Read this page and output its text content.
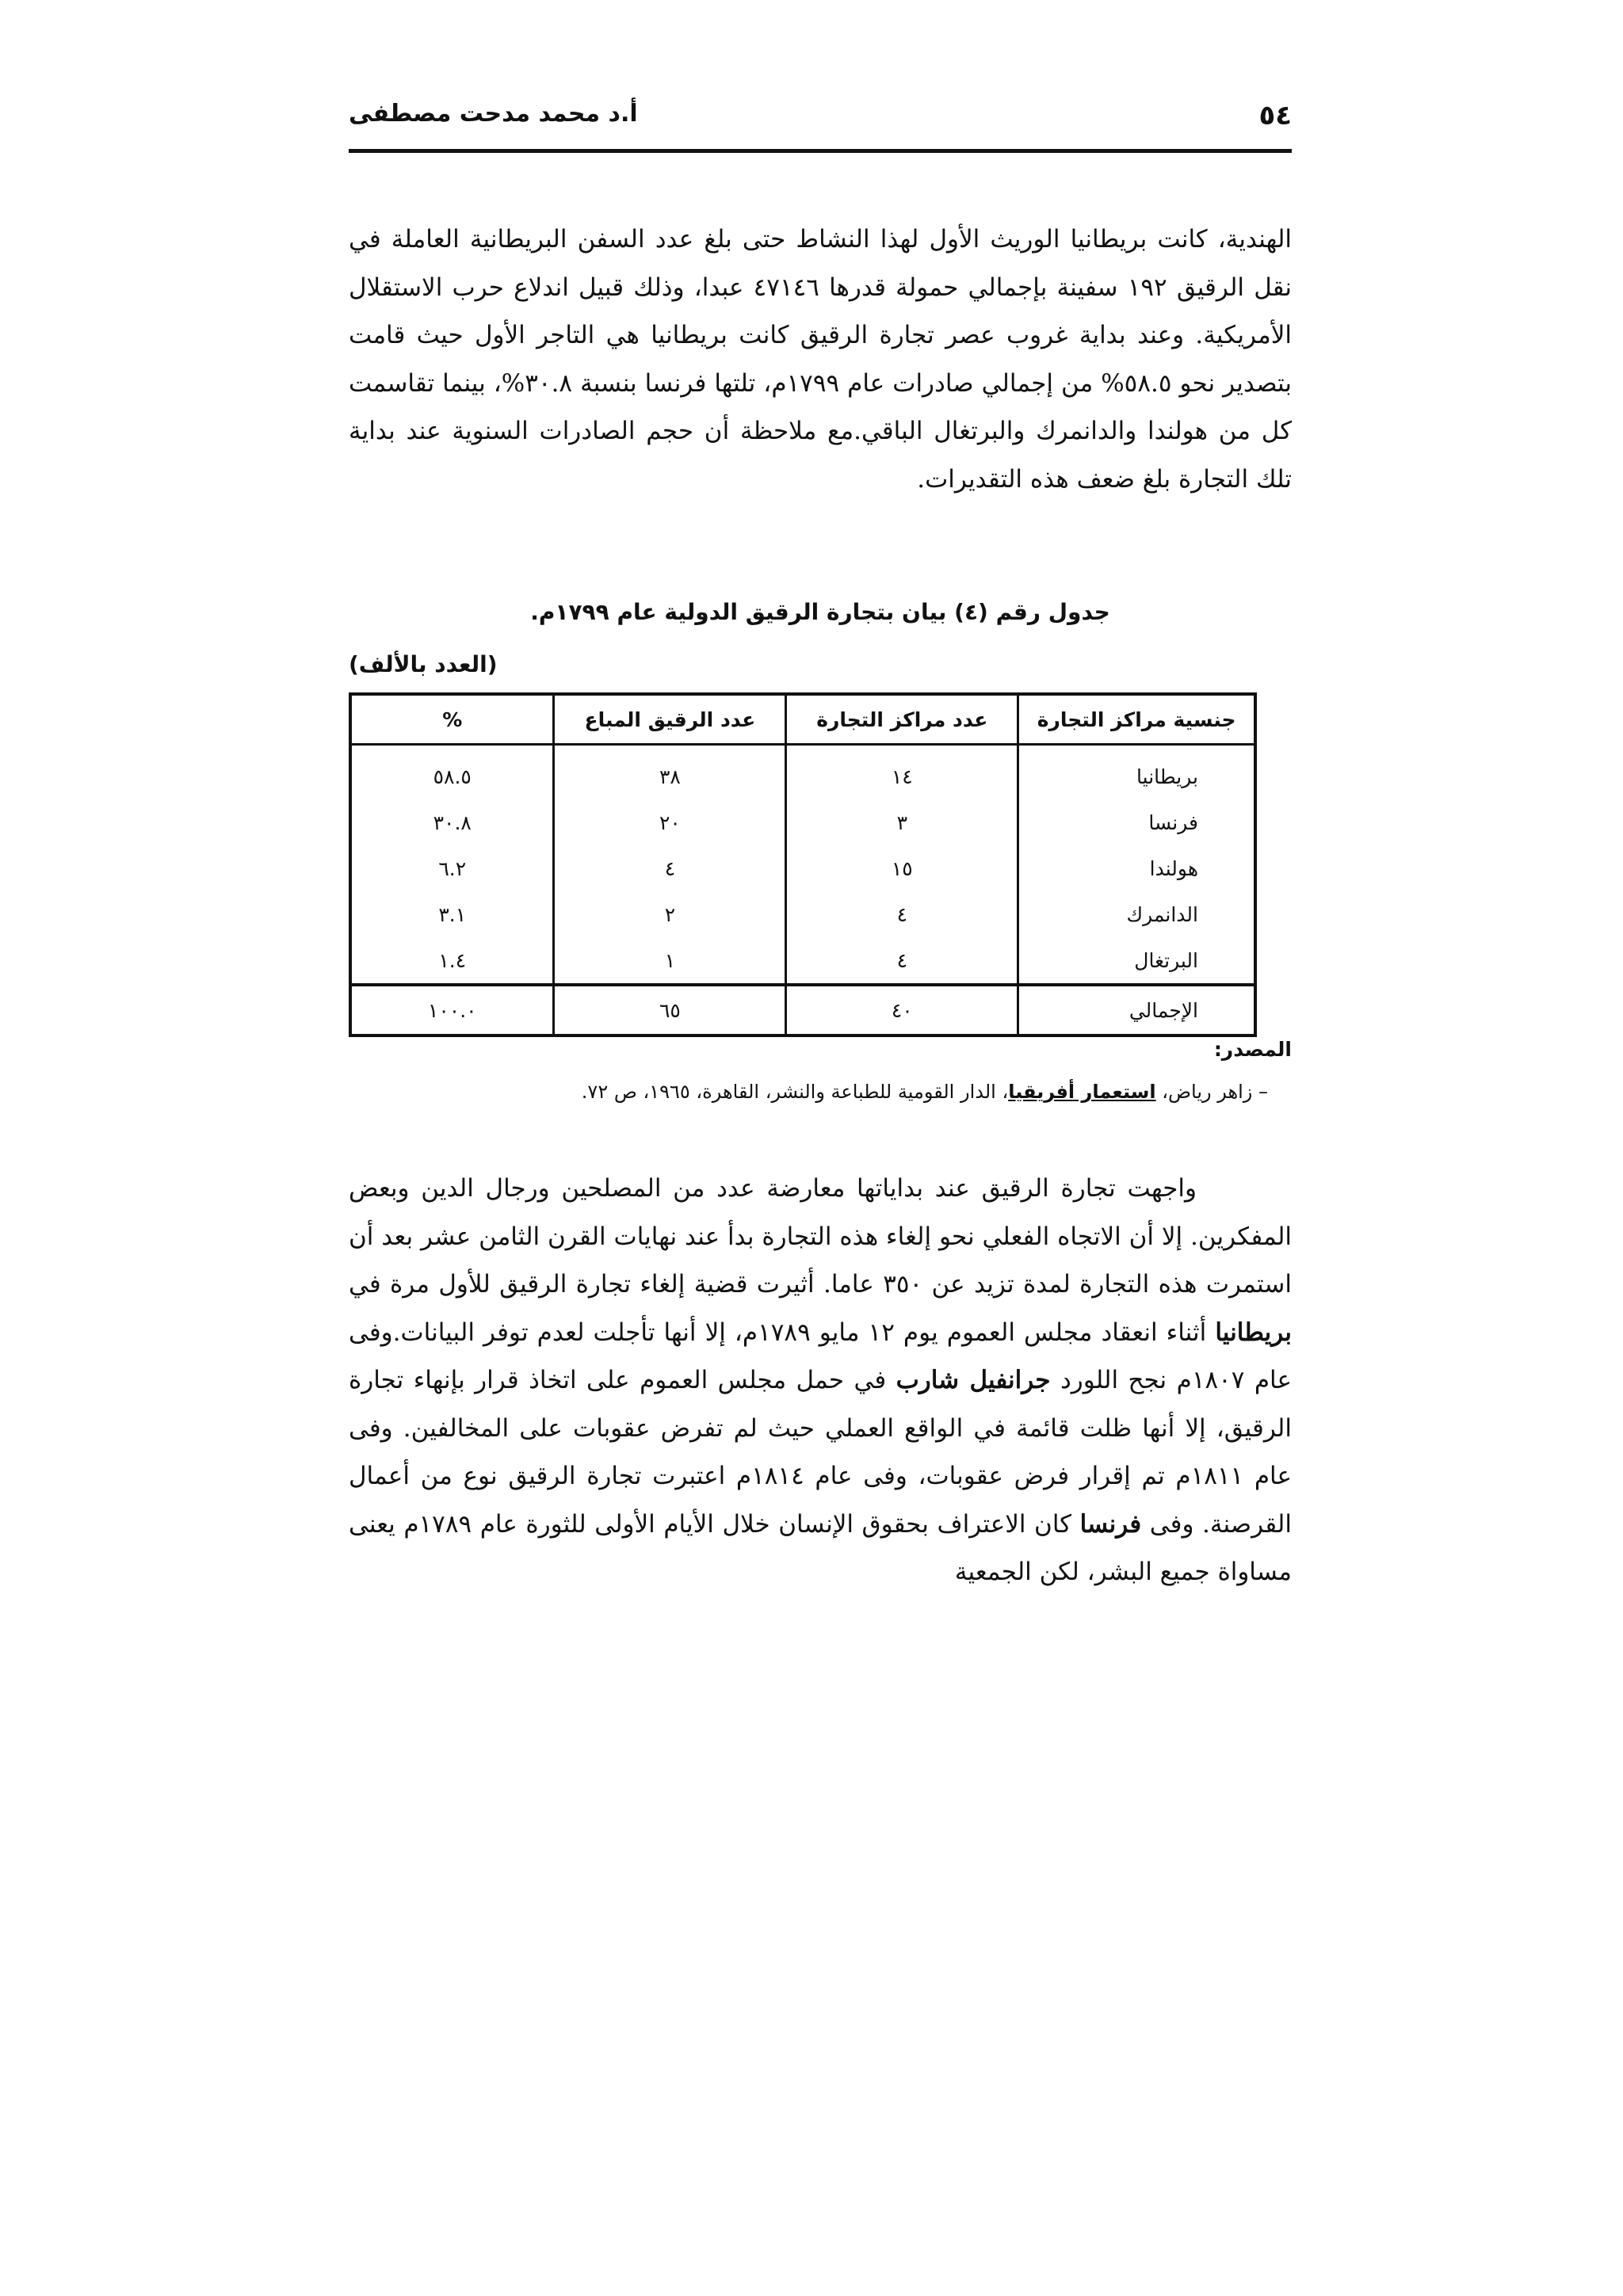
٥٤
أ.د محمد مدحت مصطفى

الهندية، كانت بريطانيا الوريث الأول لهذا النشاط حتى بلغ عدد السفن البريطانية العاملة في نقل الرقيق ١٩٢ سفينة بإجمالي حمولة قدرها ٤٧١٤٦ عبدا، وذلك قبيل اندلاع حرب الاستقلال الأمريكية. وعند بداية غروب عصر تجارة الرقيق كانت بريطانيا هي التاجر الأول حيث قامت بتصدير نحو ٥٨.٥% من إجمالي صادرات عام ١٧٩٩م، تلتها فرنسا بنسبة ٣٠.٨%، بينما تقاسمت كل من هولندا والدانمرك والبرتغال الباقي.مع ملاحظة أن حجم الصادرات السنوية عند بداية تلك التجارة بلغ ضعف هذه التقديرات.

جدول رقم (٤) بيان بتجارة الرقيق الدولية عام ١٧٩٩م.
(العدد بالألف)
جنسية مراكز التجارة	عدد مراكز التجارة	عدد الرقيق المباع	%
بريطانيا	١٤	٣٨	٥٨.٥
فرنسا	٣	٢٠	٣٠.٨
هولندا	١٥	٤	٦.٢
الدانمرك	٤	٢	٣.١
البرتغال	٤	١	١.٤
الإجمالي	٤٠	٦٥	١٠٠.٠
المصدر:
– زاهر رياض، استعمار أفريقيا، الدار القومية للطباعة والنشر، القاهرة، ١٩٦٥، ص ٧٢.

واجهت تجارة الرقيق عند بداياتها معارضة عدد من المصلحين ورجال الدين وبعض المفكرين. إلا أن الاتجاه الفعلي نحو إلغاء هذه التجارة بدأ عند نهايات القرن الثامن عشر بعد أن استمرت هذه التجارة لمدة تزيد عن ٣٥٠ عاما. أثيرت قضية إلغاء تجارة الرقيق للأول مرة في بريطانيا أثناء انعقاد مجلس العموم يوم ١٢ مايو ١٧٨٩م، إلا أنها تأجلت لعدم توفر البيانات.وفى عام ١٨٠٧م نجح اللورد جرانفيل شارب في حمل مجلس العموم على اتخاذ قرار بإنهاء تجارة الرقيق، إلا أنها ظلت قائمة في الواقع العملي حيث لم تفرض عقوبات على المخالفين. وفى عام ١٨١١م تم إقرار فرض عقوبات، وفى عام ١٨١٤م اعتبرت تجارة الرقيق نوع من أعمال القرصنة. وفى فرنسا كان الاعتراف بحقوق الإنسان خلال الأيام الأولى للثورة عام ١٧٨٩م يعنى مساواة جميع البشر، لكن الجمعية
